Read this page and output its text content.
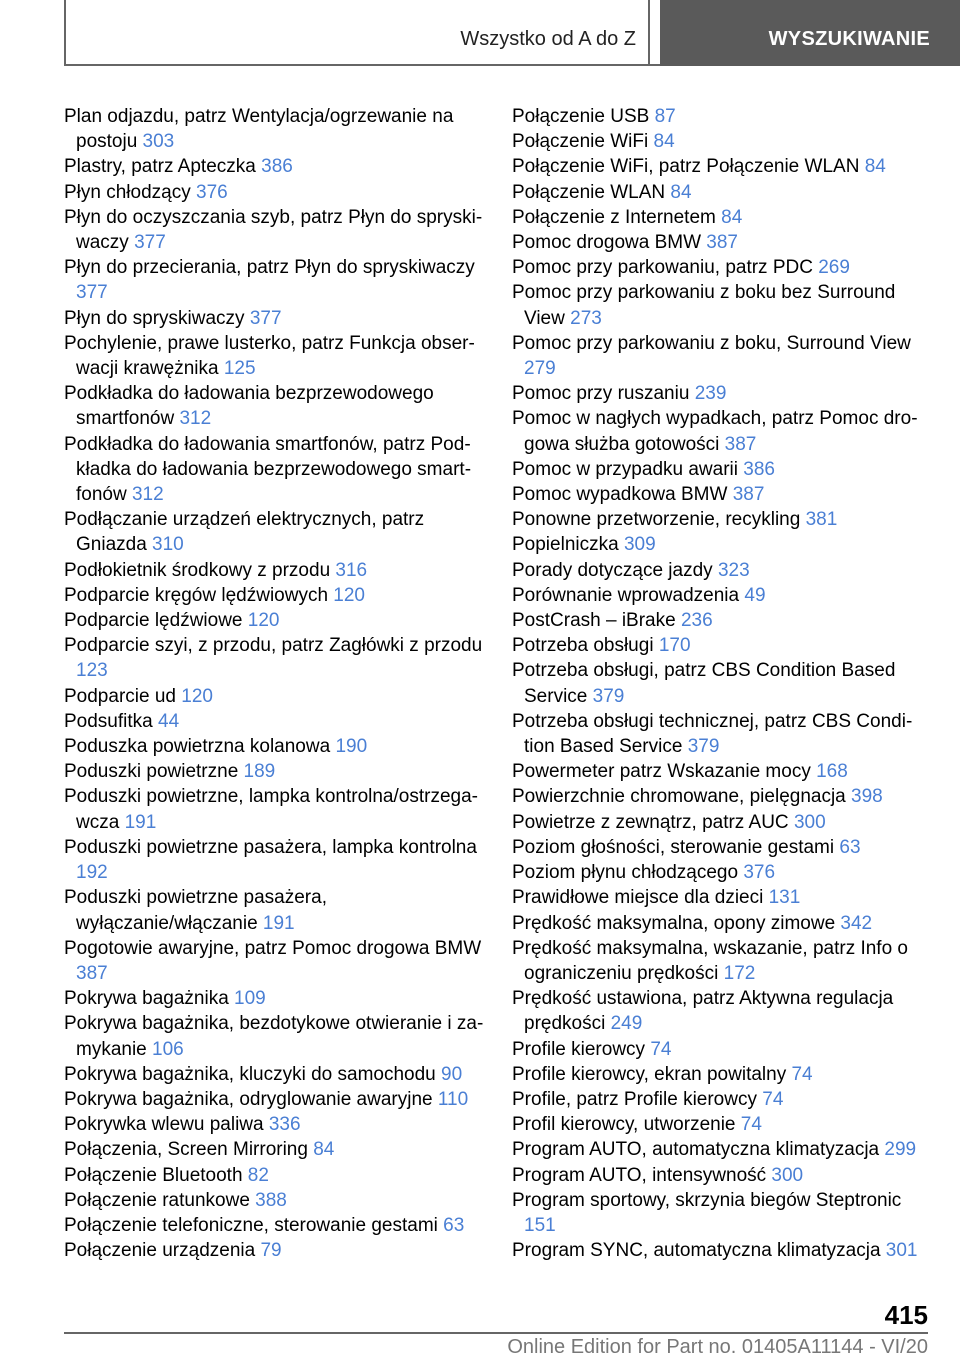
Wszystko od A do Z	WYSZUKIWANIE

Plan odjazdu, patrz Wentylacja/ogrzewanie na postoju 303

Plastry, patrz Apteczka 386

Płyn chłodzący 376

Płyn do oczyszczania szyb, patrz Płyn do spryskiwaczy 377

Płyn do przecierania, patrz Płyn do spryskiwaczy 377

Płyn do spryskiwaczy 377

Pochylenie, prawe lusterko, patrz Funkcja obserwacji krawężnika 125

Podkładka do ładowania bezprzewodowego smartfonów 312

Podkładka do ładowania smartfonów, patrz Podkładka do ładowania bezprzewodowego smartfonów 312

Podłączanie urządzeń elektrycznych, patrz Gniazda 310

Podłokietnik środkowy z przodu 316

Podparcie kręgów lędźwiowych 120

Podparcie lędźwiowe 120

Podparcie szyi, z przodu, patrz Zagłówki z przodu 123

Podparcie ud 120

Podsufitka 44

Poduszka powietrzna kolanowa 190

Poduszki powietrzne 189

Poduszki powietrzne, lampka kontrolna/ostrzegawcza 191

Poduszki powietrzne pasażera, lampka kontrolna 192

Poduszki powietrzne pasażera, wyłączanie/włączanie 191

Pogotowie awaryjne, patrz Pomoc drogowa BMW 387

Pokrywa bagażnika 109

Pokrywa bagażnika, bezdotykowe otwieranie i zamykanie 106

Pokrywa bagażnika, kluczyki do samochodu 90

Pokrywa bagażnika, odryglowanie awaryjne 110

Pokrywka wlewu paliwa 336

Połączenia, Screen Mirroring 84

Połączenie Bluetooth 82

Połączenie ratunkowe 388

Połączenie telefoniczne, sterowanie gestami 63

Połączenie urządzenia 79

Połączenie USB 87

Połączenie WiFi 84

Połączenie WiFi, patrz Połączenie WLAN 84

Połączenie WLAN 84

Połączenie z Internetem 84

Pomoc drogowa BMW 387

Pomoc przy parkowaniu, patrz PDC 269

Pomoc przy parkowaniu z boku bez Surround View 273

Pomoc przy parkowaniu z boku, Surround View 279

Pomoc przy ruszaniu 239

Pomoc w nagłych wypadkach, patrz Pomoc drogowa służba gotowości 387

Pomoc w przypadku awarii 386

Pomoc wypadkowa BMW 387

Ponowne przetworzenie, recykling 381

Popielniczka 309

Porady dotyczące jazdy 323

Porównanie wprowadzenia 49

PostCrash – iBrake 236

Potrzeba obsługi 170

Potrzeba obsługi, patrz CBS Condition Based Service 379

Potrzeba obsługi technicznej, patrz CBS Condition Based Service 379

Powermeter patrz Wskazanie mocy 168

Powierzchnie chromowane, pielęgnacja 398

Powietrze z zewnątrz, patrz AUC 300

Poziom głośności, sterowanie gestami 63

Poziom płynu chłodzącego 376

Prawidłowe miejsce dla dzieci 131

Prędkość maksymalna, opony zimowe 342

Prędkość maksymalna, wskazanie, patrz Info o ograniczeniu prędkości 172

Prędkość ustawiona, patrz Aktywna regulacja prędkości 249

Profile kierowcy 74

Profile kierowcy, ekran powitalny 74

Profile, patrz Profile kierowcy 74

Profil kierowcy, utworzenie 74

Program AUTO, automatyczna klimatyzacja 299

Program AUTO, intensywność 300

Program sportowy, skrzynia biegów Steptronic 151

Program SYNC, automatyczna klimatyzacja 301

415
Online Edition for Part no. 01405A11144 - VI/20
